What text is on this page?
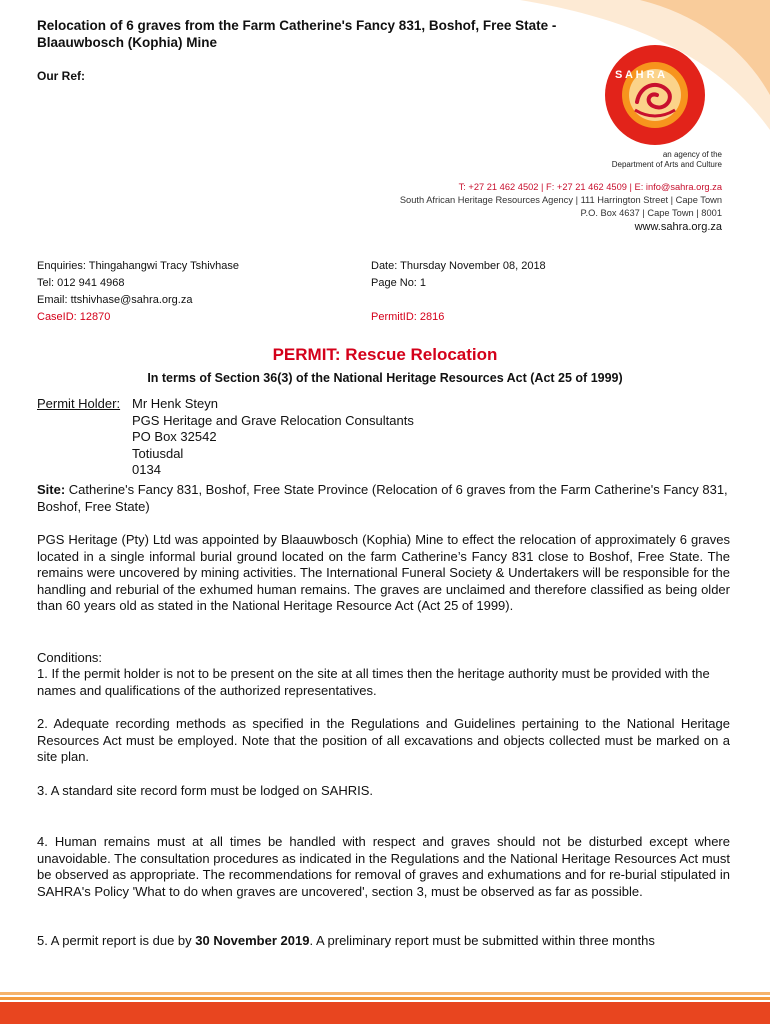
Relocation of 6 graves from the Farm Catherine's Fancy 831, Boshof, Free State - Blaauwbosch (Kophia) Mine
Our Ref:	S A H R A
an agency of the
Department of Arts and Culture
T: +27 21 462 4502 | F: +27 21 462 4509 | E: info@sahra.org.za
South African Heritage Resources Agency | 111 Harrington Street | Cape Town
P.O. Box 4637 | Cape Town | 8001
www.sahra.org.za
Enquiries: Thingahangwi Tracy Tshivhase
Tel: 012 941 4968
Email: ttshivhase@sahra.org.za
CaseID: 12870
Date: Thursday November 08, 2018
Page No: 1
PermitID: 2816
PERMIT: Rescue Relocation
In terms of Section 36(3) of the National Heritage Resources Act (Act 25 of 1999)
Permit Holder: Mr Henk Steyn
PGS Heritage and Grave Relocation Consultants
PO Box 32542
Totiusdal
0134
Site: Catherine's Fancy 831, Boshof, Free State Province (Relocation of 6 graves from the Farm Catherine's Fancy 831, Boshof, Free State)
PGS Heritage (Pty) Ltd was appointed by Blaauwbosch (Kophia) Mine to effect the relocation of approximately 6 graves located in a single informal burial ground located on the farm Catherine’s Fancy 831 close to Boshof, Free State. The remains were uncovered by mining activities. The International Funeral Society & Undertakers will be responsible for the handling and reburial of the exhumed human remains. The graves are unclaimed and therefore classified as being older than 60 years old as stated in the National Heritage Resource Act (Act 25 of 1999).
Conditions:
1. If the permit holder is not to be present on the site at all times then the heritage authority must be provided with the names and qualifications of the authorized representatives.
2. Adequate recording methods as specified in the Regulations and Guidelines pertaining to the National Heritage Resources Act must be employed. Note that the position of all excavations and objects collected must be marked on a site plan.
3. A standard site record form must be lodged on SAHRIS.
4. Human remains must at all times be handled with respect and graves should not be disturbed except where unavoidable. The consultation procedures as indicated in the Regulations and the National Heritage Resources Act must be observed as appropriate. The recommendations for removal of graves and exhumations and for re-burial stipulated in SAHRA's Policy 'What to do when graves are uncovered', section 3, must be observed as far as possible.
5. A permit report is due by 30 November 2019. A preliminary report must be submitted within three months
